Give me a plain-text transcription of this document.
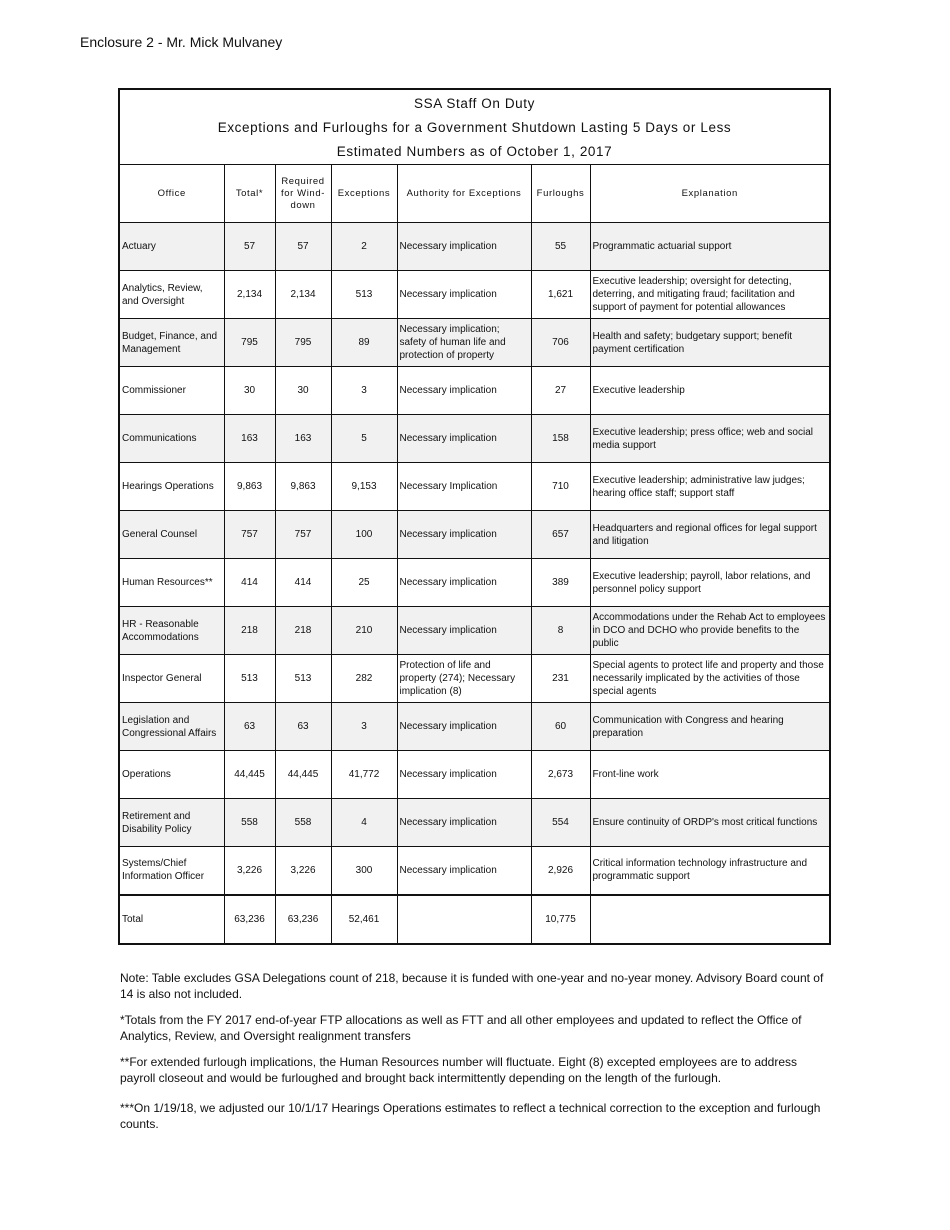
Enclosure 2 - Mr. Mick Mulvaney
SSA Staff On Duty
Exceptions and Furloughs for a Government Shutdown Lasting 5 Days or Less
Estimated Numbers as of October 1, 2017
Office	Total*	Required for Wind-down	Exceptions	Authority for Exceptions	Furloughs	Explanation
Actuary	57	57	2	Necessary implication	55	Programmatic actuarial support
Analytics, Review, and Oversight	2,134	2,134	513	Necessary implication	1,621	Executive leadership; oversight for detecting, deterring, and mitigating fraud; facilitation and support of payment for potential allowances
Budget, Finance, and Management	795	795	89	Necessary implication; safety of human life and protection of property	706	Health and safety; budgetary support; benefit payment certification
Commissioner	30	30	3	Necessary implication	27	Executive leadership
Communications	163	163	5	Necessary implication	158	Executive leadership; press office; web and social media support
Hearings Operations	9,863	9,863	9,153	Necessary Implication	710	Executive leadership; administrative law judges; hearing office staff; support staff
General Counsel	757	757	100	Necessary implication	657	Headquarters and regional offices for legal support and litigation
Human Resources**	414	414	25	Necessary implication	389	Executive leadership; payroll, labor relations, and personnel policy support
HR - Reasonable Accommodations	218	218	210	Necessary implication	8	Accommodations under the Rehab Act to employees in DCO and DCHO who provide benefits to the public
Inspector General	513	513	282	Protection of life and property (274); Necessary implication (8)	231	Special agents to protect life and property and those necessarily implicated by the activities of those special agents
Legislation and Congressional Affairs	63	63	3	Necessary implication	60	Communication with Congress and hearing preparation
Operations	44,445	44,445	41,772	Necessary implication	2,673	Front-line work
Retirement and Disability Policy	558	558	4	Necessary implication	554	Ensure continuity of ORDP's most critical functions
Systems/Chief Information Officer	3,226	3,226	300	Necessary implication	2,926	Critical information technology infrastructure and programmatic support
Total	63,236	63,236	52,461		10,775	

Note: Table excludes GSA Delegations count of 218, because it is funded with one-year and no-year money. Advisory Board count of 14 is also not included.

*Totals from the FY 2017 end-of-year FTP allocations as well as FTT and all other employees and updated to reflect the Office of Analytics, Review, and Oversight realignment transfers

**For extended furlough implications, the Human Resources number will fluctuate. Eight (8) excepted employees are to address payroll closeout and would be furloughed and brought back intermittently depending on the length of the furlough.

***On 1/19/18, we adjusted our 10/1/17 Hearings Operations estimates to reflect a technical correction to the exception and furlough counts.
